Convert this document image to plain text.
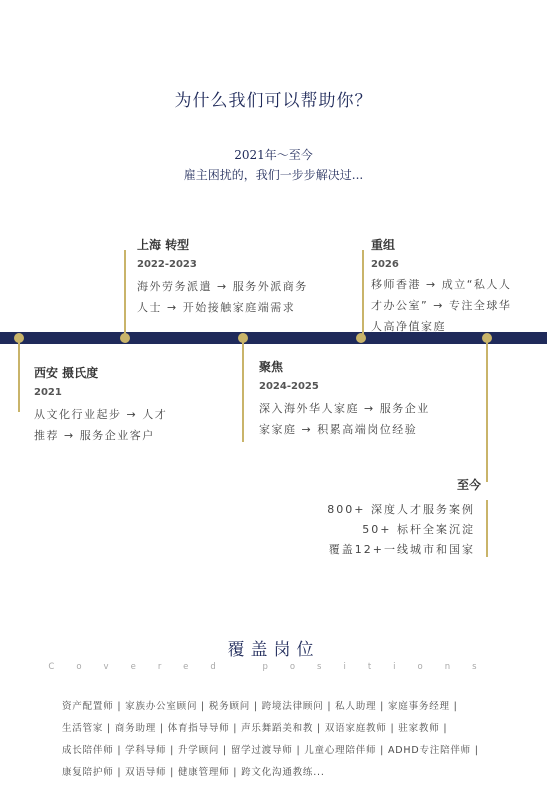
为什么我们可以帮助你？
2021年～至今
雇主困扰的，我们一步步解决过...
上海 转型
2022-2023
海外劳务派遣 → 服务外派商务
人士 → 开始接触家庭端需求
重组
2026
移师香港 → 成立“私人人
才办公室” → 专注全球华
人高净值家庭
西安 摄氏度
2021
从文化行业起步 → 人才
推荐 → 服务企业客户
聚焦
2024-2025
深入海外华人家庭 → 服务企业
家家庭 → 积累高端岗位经验
至今
800+ 深度人才服务案例
50+ 标杆全案沉淀
覆盖12+一线城市和国家
覆盖岗位
Covered positions
资产配置师 | 家族办公室顾问 | 税务顾问 | 跨境法律顾问 | 私人助理 | 家庭事务经理 |
生活管家 | 商务助理 | 体育指导导师 | 声乐舞蹈美和教 | 双语家庭教师 | 驻家教师 |
成长陪伴师 | 学科导师 | 升学顾问 | 留学过渡导师 | 儿童心理陪伴师 | ADHD专注陪伴师 |
康复陪护师 | 双语导师 | 健康管理师 | 跨文化沟通教练...
